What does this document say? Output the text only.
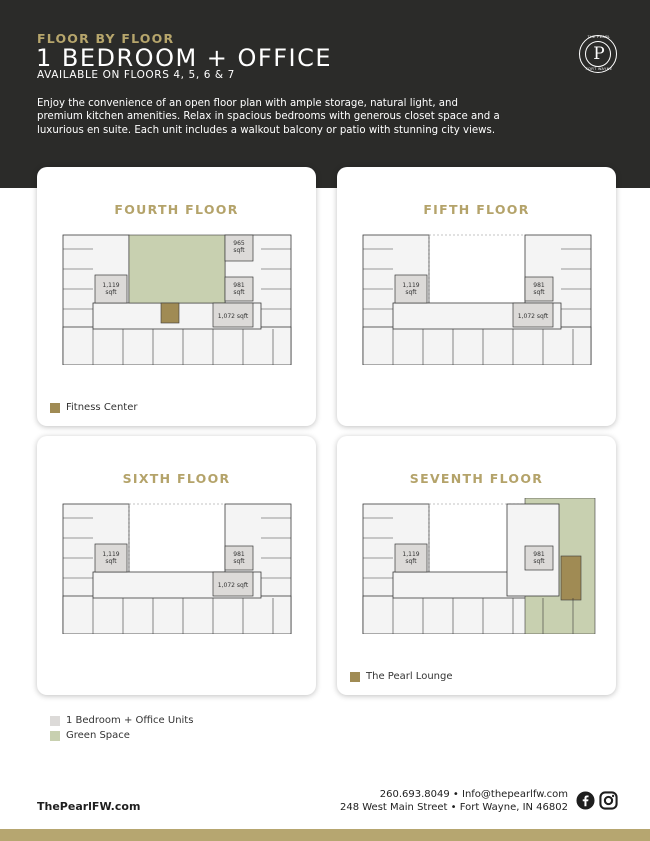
FLOOR BY FLOOR
1 BEDROOM + OFFICE
AVAILABLE ON FLOORS 4, 5, 6 & 7
Enjoy the convenience of an open floor plan with ample storage, natural light, and premium kitchen amenities. Relax in spacious bedrooms with generous closet space and a luxurious en suite. Each unit includes a walkout balcony or patio with stunning city views.
THE PEARL
P
FORT WAYNE
FOURTH FLOOR
1,119 sqft
965 sqft
981 sqft
1,072 sqft
Fitness Center
FIFTH FLOOR
1,119 sqft
981 sqft
1,072 sqft
SIXTH FLOOR
1,119 sqft
981 sqft
1,072 sqft
SEVENTH FLOOR
1,119 sqft
981 sqft
The Pearl Lounge
1 Bedroom + Office Units
Green Space
ThePearlFW.com
260.693.8049 • Info@thepearlfw.com
248 West Main Street • Fort Wayne, IN 46802
